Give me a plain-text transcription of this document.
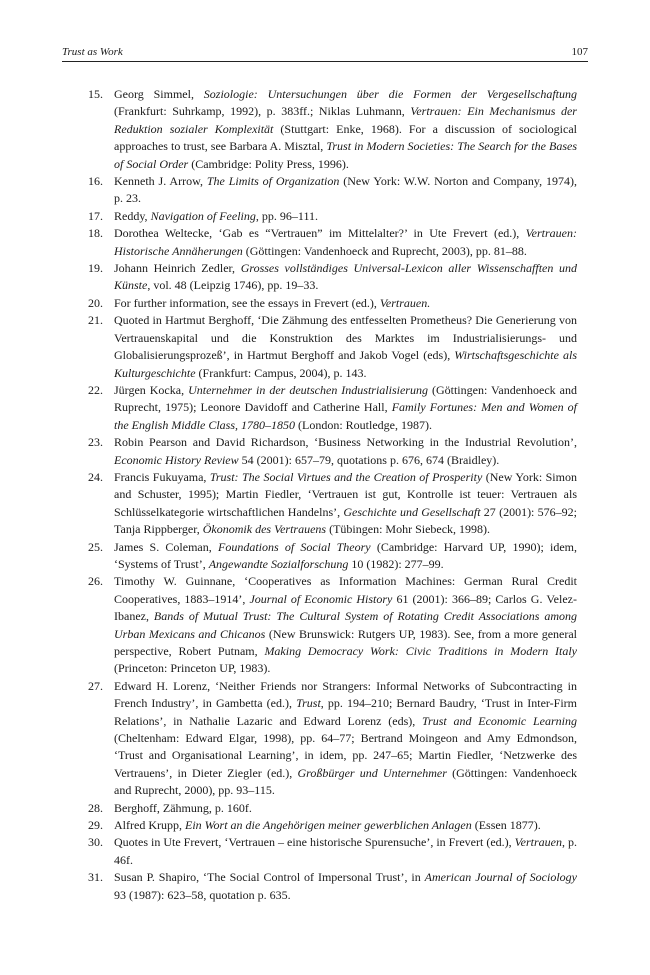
Trust as Work	107
15. Georg Simmel, Soziologie: Untersuchungen über die Formen der Vergesellschaftung (Frankfurt: Suhrkamp, 1992), p. 383ff.; Niklas Luhmann, Vertrauen: Ein Mechanismus der Reduktion sozialer Komplexität (Stuttgart: Enke, 1968). For a discussion of sociological approaches to trust, see Barbara A. Misztal, Trust in Modern Societies: The Search for the Bases of Social Order (Cambridge: Polity Press, 1996).
16. Kenneth J. Arrow, The Limits of Organization (New York: W.W. Norton and Company, 1974), p. 23.
17. Reddy, Navigation of Feeling, pp. 96–111.
18. Dorothea Weltecke, ‘Gab es “Vertrauen” im Mittelalter?’ in Ute Frevert (ed.), Vertrauen: Historische Annäherungen (Göttingen: Vandenhoeck and Ruprecht, 2003), pp. 81–88.
19. Johann Heinrich Zedler, Grosses vollständiges Universal-Lexicon aller Wissenschafften und Künste, vol. 48 (Leipzig 1746), pp. 19–33.
20. For further information, see the essays in Frevert (ed.), Vertrauen.
21. Quoted in Hartmut Berghoff, ‘Die Zähmung des entfesselten Prometheus? Die Generierung von Vertrauenskapital und die Konstruktion des Marktes im Industrialisierungs- und Globalisierungsprozeß’, in Hartmut Berghoff and Jakob Vogel (eds), Wirtschaftsgeschichte als Kulturgeschichte (Frankfurt: Campus, 2004), p. 143.
22. Jürgen Kocka, Unternehmer in der deutschen Industrialisierung (Göttingen: Vandenhoeck and Ruprecht, 1975); Leonore Davidoff and Catherine Hall, Family Fortunes: Men and Women of the English Middle Class, 1780–1850 (London: Routledge, 1987).
23. Robin Pearson and David Richardson, ‘Business Networking in the Industrial Revolution’, Economic History Review 54 (2001): 657–79, quotations p. 676, 674 (Braidley).
24. Francis Fukuyama, Trust: The Social Virtues and the Creation of Prosperity (New York: Simon and Schuster, 1995); Martin Fiedler, ‘Vertrauen ist gut, Kontrolle ist teuer: Vertrauen als Schlüsselkategorie wirtschaftlichen Handelns’, Geschichte und Gesellschaft 27 (2001): 576–92; Tanja Rippberger, Ökonomik des Vertrauens (Tübingen: Mohr Siebeck, 1998).
25. James S. Coleman, Foundations of Social Theory (Cambridge: Harvard UP, 1990); idem, ‘Systems of Trust’, Angewandte Sozialforschung 10 (1982): 277–99.
26. Timothy W. Guinnane, ‘Cooperatives as Information Machines: German Rural Credit Cooperatives, 1883–1914’, Journal of Economic History 61 (2001): 366–89; Carlos G. Velez-Ibanez, Bands of Mutual Trust: The Cultural System of Rotating Credit Associations among Urban Mexicans and Chicanos (New Brunswick: Rutgers UP, 1983). See, from a more general perspective, Robert Putnam, Making Democracy Work: Civic Traditions in Modern Italy (Princeton: Princeton UP, 1983).
27. Edward H. Lorenz, ‘Neither Friends nor Strangers: Informal Networks of Subcontracting in French Industry’, in Gambetta (ed.), Trust, pp. 194–210; Bernard Baudry, ‘Trust in Inter-Firm Relations’, in Nathalie Lazaric and Edward Lorenz (eds), Trust and Economic Learning (Cheltenham: Edward Elgar, 1998), pp. 64–77; Bertrand Moingeon and Amy Edmondson, ‘Trust and Organisational Learning’, in idem, pp. 247–65; Martin Fiedler, ‘Netzwerke des Vertrauens’, in Dieter Ziegler (ed.), Großbürger und Unternehmer (Göttingen: Vandenhoeck and Ruprecht, 2000), pp. 93–115.
28. Berghoff, Zähmung, p. 160f.
29. Alfred Krupp, Ein Wort an die Angehörigen meiner gewerblichen Anlagen (Essen 1877).
30. Quotes in Ute Frevert, ‘Vertrauen – eine historische Spurensuche’, in Frevert (ed.), Vertrauen, p. 46f.
31. Susan P. Shapiro, ‘The Social Control of Impersonal Trust’, in American Journal of Sociology 93 (1987): 623–58, quotation p. 635.
